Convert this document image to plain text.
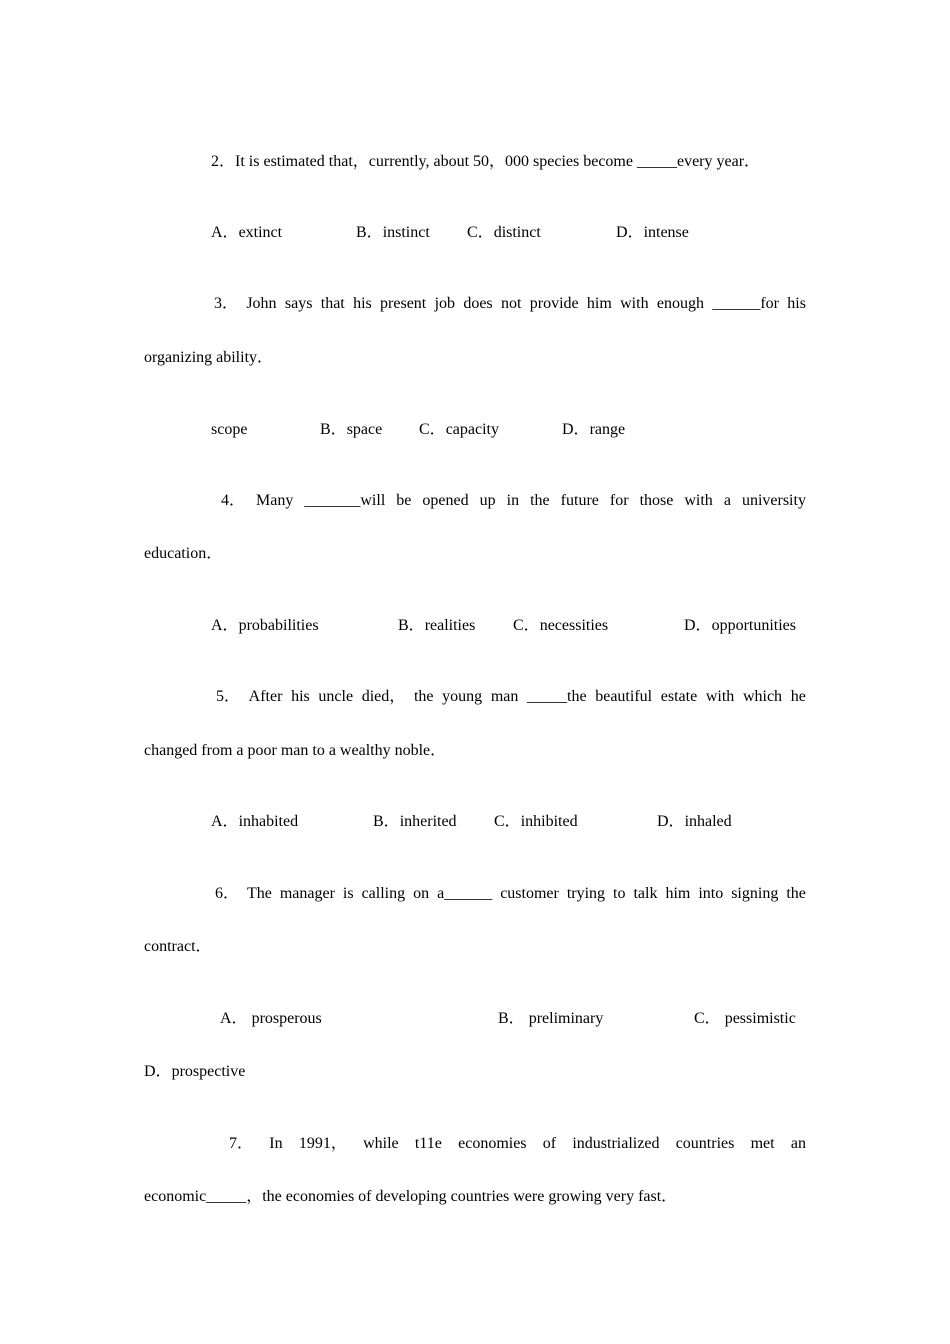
2．It is estimated that，currently, about 50，000 species become _____every year．
A．extinct	B．instinct C．distinct	D．intense
3． John says that his present job does not provide him with enough ______for his
organizing ability．
scope	B．space C．capacity	D．range
4． Many _______will be opened up in the future for those with a university
education．
A．probabilities	B．realities C．necessities	D．opportunities
5． After his uncle died， the young man _____the beautiful estate with which he
changed from a poor man to a wealthy noble．
A．inhabited	B．inherited C．inhibited	D．inhaled
6． The manager is calling on a______ customer trying to talk him into signing the
contract．
A． prosperous	B． preliminary	C． pessimistic
D．prospective
7． In 1991， while t11e economies of industrialized countries met an
economic_____，the economies of developing countries were growing very fast．
